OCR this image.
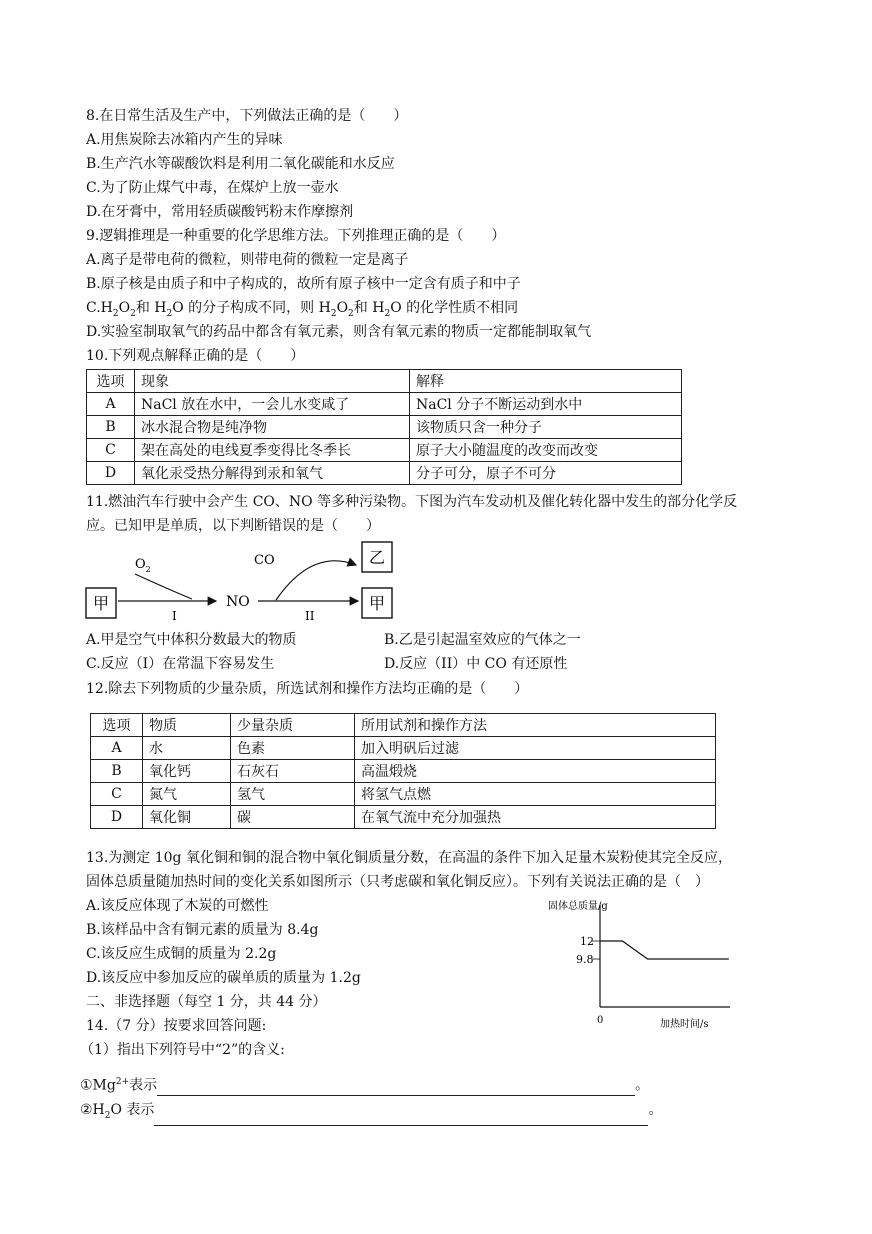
8.在日常生活及生产中，下列做法正确的是（　　）
A.用焦炭除去冰箱内产生的异味
B.生产汽水等碳酸饮料是利用二氧化碳能和水反应
C.为了防止煤气中毒，在煤炉上放一壶水
D.在牙膏中，常用轻质碳酸钙粉末作摩擦剂
9.逻辑推理是一种重要的化学思维方法。下列推理正确的是（　　）
A.离子是带电荷的微粒，则带电荷的微粒一定是离子
B.原子核是由质子和中子构成的，故所有原子核中一定含有质子和中子
$C.H_2O_2$和 $H_2O$ 的分子构成不同，则 $H_2O_2$和 $H_2O$ 的化学性质不相同
D.实验室制取氧气的药品中都含有氧元素，则含有氧元素的物质一定都能制取氧气
10.下列观点解释正确的是（　　）
选项	现象	解释
A	NaCl 放在水中，一会儿水变咸了	NaCl 分子不断运动到水中
B	冰水混合物是纯净物	该物质只含一种分子
C	架在高处的电线夏季变得比冬季长	原子大小随温度的改变而改变
D	氧化汞受热分解得到汞和氧气	分子可分，原子不可分
11.燃油汽车行驶中会产生 CO、NO 等多种污染物。下图为汽车发动机及催化转化器中发生的部分化学反
应。已知甲是单质，以下判断错误的是（　　）
甲
$O_2$
I
NO
CO
II
乙
甲
A.甲是空气中体积分数最大的物质	B.乙是引起温室效应的气体之一
C.反应（I）在常温下容易发生	D.反应（II）中 CO 有还原性
12.除去下列物质的少量杂质，所选试剂和操作方法均正确的是（　　）
选项	物质	少量杂质	所用试剂和操作方法
A	水	色素	加入明矾后过滤
B	氧化钙	石灰石	高温煅烧
C	氮气	氢气	将氢气点燃
D	氧化铜	碳	在氧气流中充分加强热
13.为测定 10g 氧化铜和铜的混合物中氧化铜质量分数，在高温的条件下加入足量木炭粉使其完全反应，
固体总质量随加热时间的变化关系如图所示（只考虑碳和氧化铜反应）。下列有关说法正确的是（　）
A.该反应体现了木炭的可燃性
B.该样品中含有铜元素的质量为 8.4g
C.该反应生成铜的质量为 2.2g
D.该反应中参加反应的碳单质的质量为 1.2g
固体总质量/g
加热时间/s
0
12
9.8
二、非选择题（每空 1 分，共 44 分）
14.（7 分）按要求回答问题:
（1）指出下列符号中“2”的含义:
$①Mg^{2+}$表示	。
$②H_2O$ 表示	。
